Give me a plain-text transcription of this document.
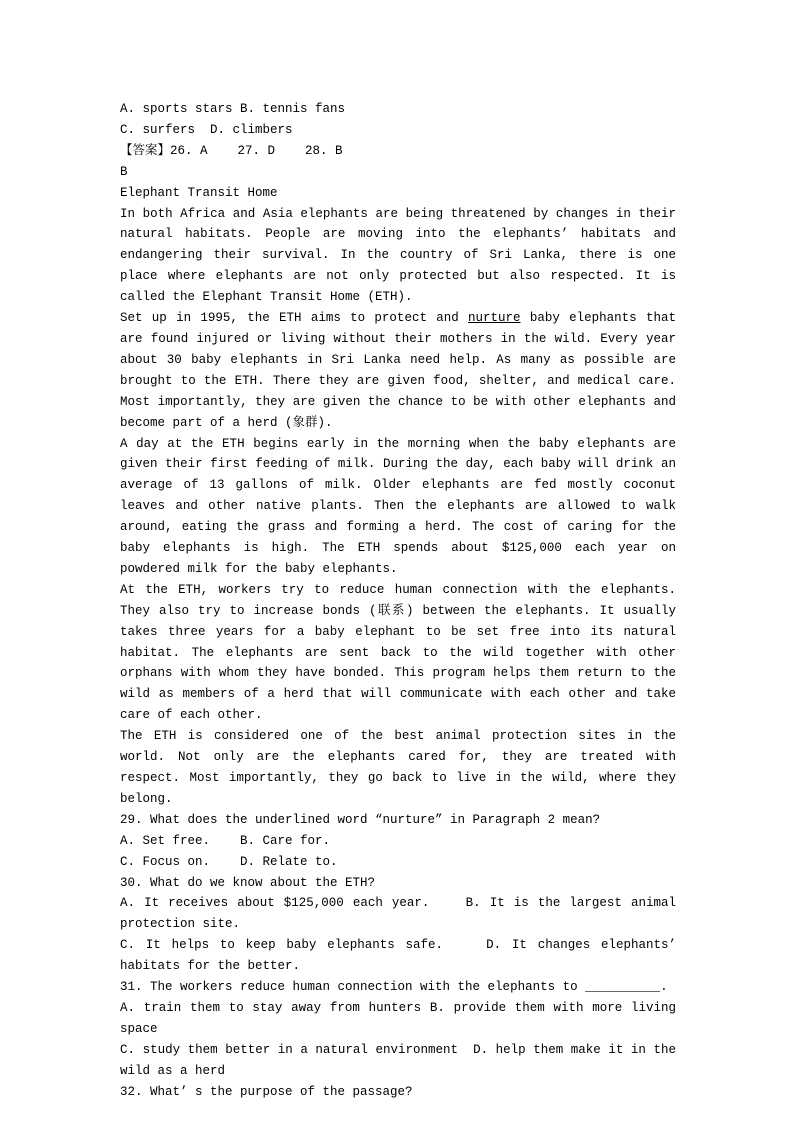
A. sports stars B. tennis fans

C. surfers  D. climbers

【答案】26. A    27. D    28. B

B

Elephant Transit Home

In both Africa and Asia elephants are being threatened by changes in their natural habitats. People are moving into the elephants’ habitats and endangering their survival. In the country of Sri Lanka, there is one place where elephants are not only protected but also respected. It is called the Elephant Transit Home (ETH).

Set up in 1995, the ETH aims to protect and nurture baby elephants that are found injured or living without their mothers in the wild. Every year about 30 baby elephants in Sri Lanka need help. As many as possible are brought to the ETH. There they are given food, shelter, and medical care. Most importantly, they are given the chance to be with other elephants and become part of a herd (象群).

A day at the ETH begins early in the morning when the baby elephants are given their first feeding of milk. During the day, each baby will drink an average of 13 gallons of milk. Older elephants are fed mostly coconut leaves and other native plants. Then the elephants are allowed to walk around, eating the grass and forming a herd. The cost of caring for the baby elephants is high. The ETH spends about $125,000 each year on powdered milk for the baby elephants.

At the ETH, workers try to reduce human connection with the elephants. They also try to increase bonds (联系) between the elephants. It usually takes three years for a baby elephant to be set free into its natural habitat. The elephants are sent back to the wild together with other orphans with whom they have bonded. This program helps them return to the wild as members of a herd that will communicate with each other and take care of each other.

The ETH is considered one of the best animal protection sites in the world. Not only are the elephants cared for, they are treated with respect. Most importantly, they go back to live in the wild, where they belong.

29. What does the underlined word “nurture” in Paragraph 2 mean?

A. Set free.    B. Care for.

C. Focus on.    D. Relate to.

30. What do we know about the ETH?

A. It receives about $125,000 each year.    B. It is the largest animal protection site.

C. It helps to keep baby elephants safe.    D. It changes elephants’ habitats for the better.

31. The workers reduce human connection with the elephants to __________.

A. train them to stay away from hunters B. provide them with more living space

C. study them better in a natural environment  D. help them make it in the wild as a herd

32. What’ s the purpose of the passage?
